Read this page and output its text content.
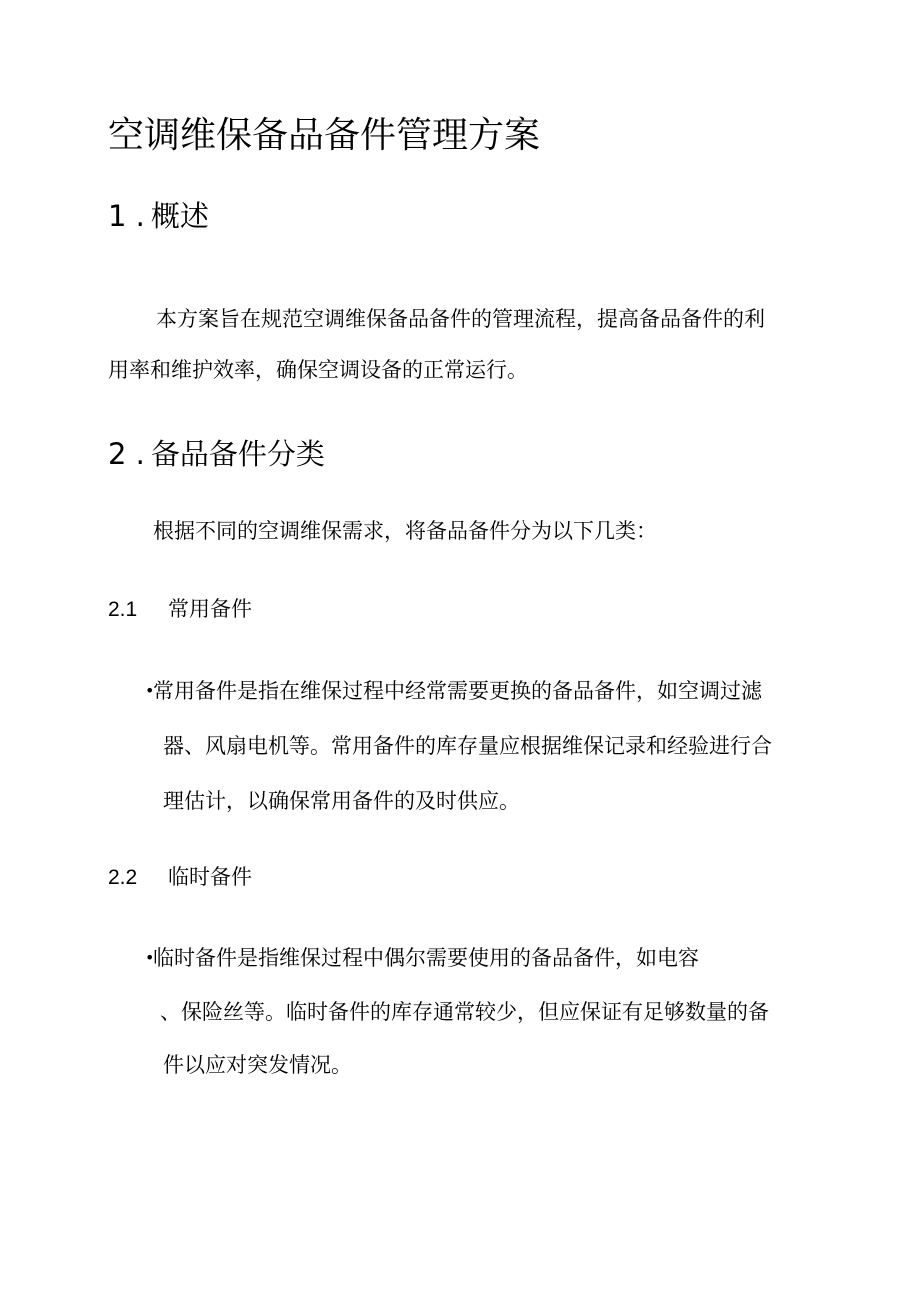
空调维保备品备件管理方案
1 . 概述

本方案旨在规范空调维保备品备件的管理流程，提高备品备件的利

用率和维护效率，确保空调设备的正常运行。

2 . 备品备件分类

根据不同的空调维保需求，将备品备件分为以下几类：

2.1 常用备件
•常用备件是指在维保过程中经常需要更换的备品备件，如空调过滤

器、风扇电机等。常用备件的库存量应根据维保记录和经验进行合

理估计，以确保常用备件的及时供应。

2.2 临时备件
•临时备件是指维保过程中偶尔需要使用的备品备件，如电容

、保险丝等。临时备件的库存通常较少，但应保证有足够数量的备

件以应对突发情况。
